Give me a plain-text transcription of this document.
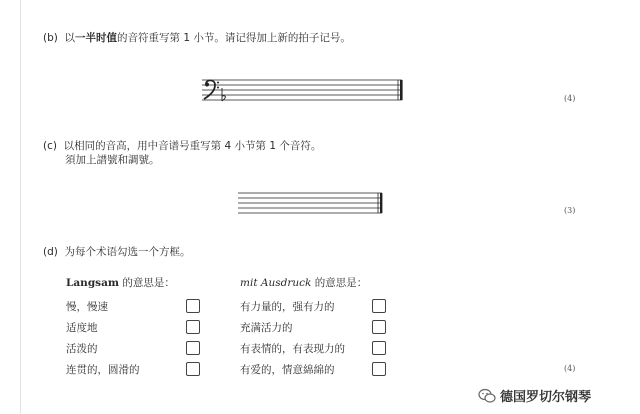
(b) 以一半时值的音符重写第 1 小节。请记得加上新的拍子记号。
(4)
(c) 以相同的音高，用中音谱号重写第 4 小节第 1 个音符。
須加上譜號和調號。
(3)
(d) 为每个术语勾选一个方框。
Langsam 的意思是：	mit Ausdruck 的意思是：
慢，慢速
适度地
活泼的
连贯的，圆滑的
有力量的，强有力的
充满活力的
有表情的，有表现力的
有爱的，情意綿綿的	(4)
德国罗切尔钢琴
